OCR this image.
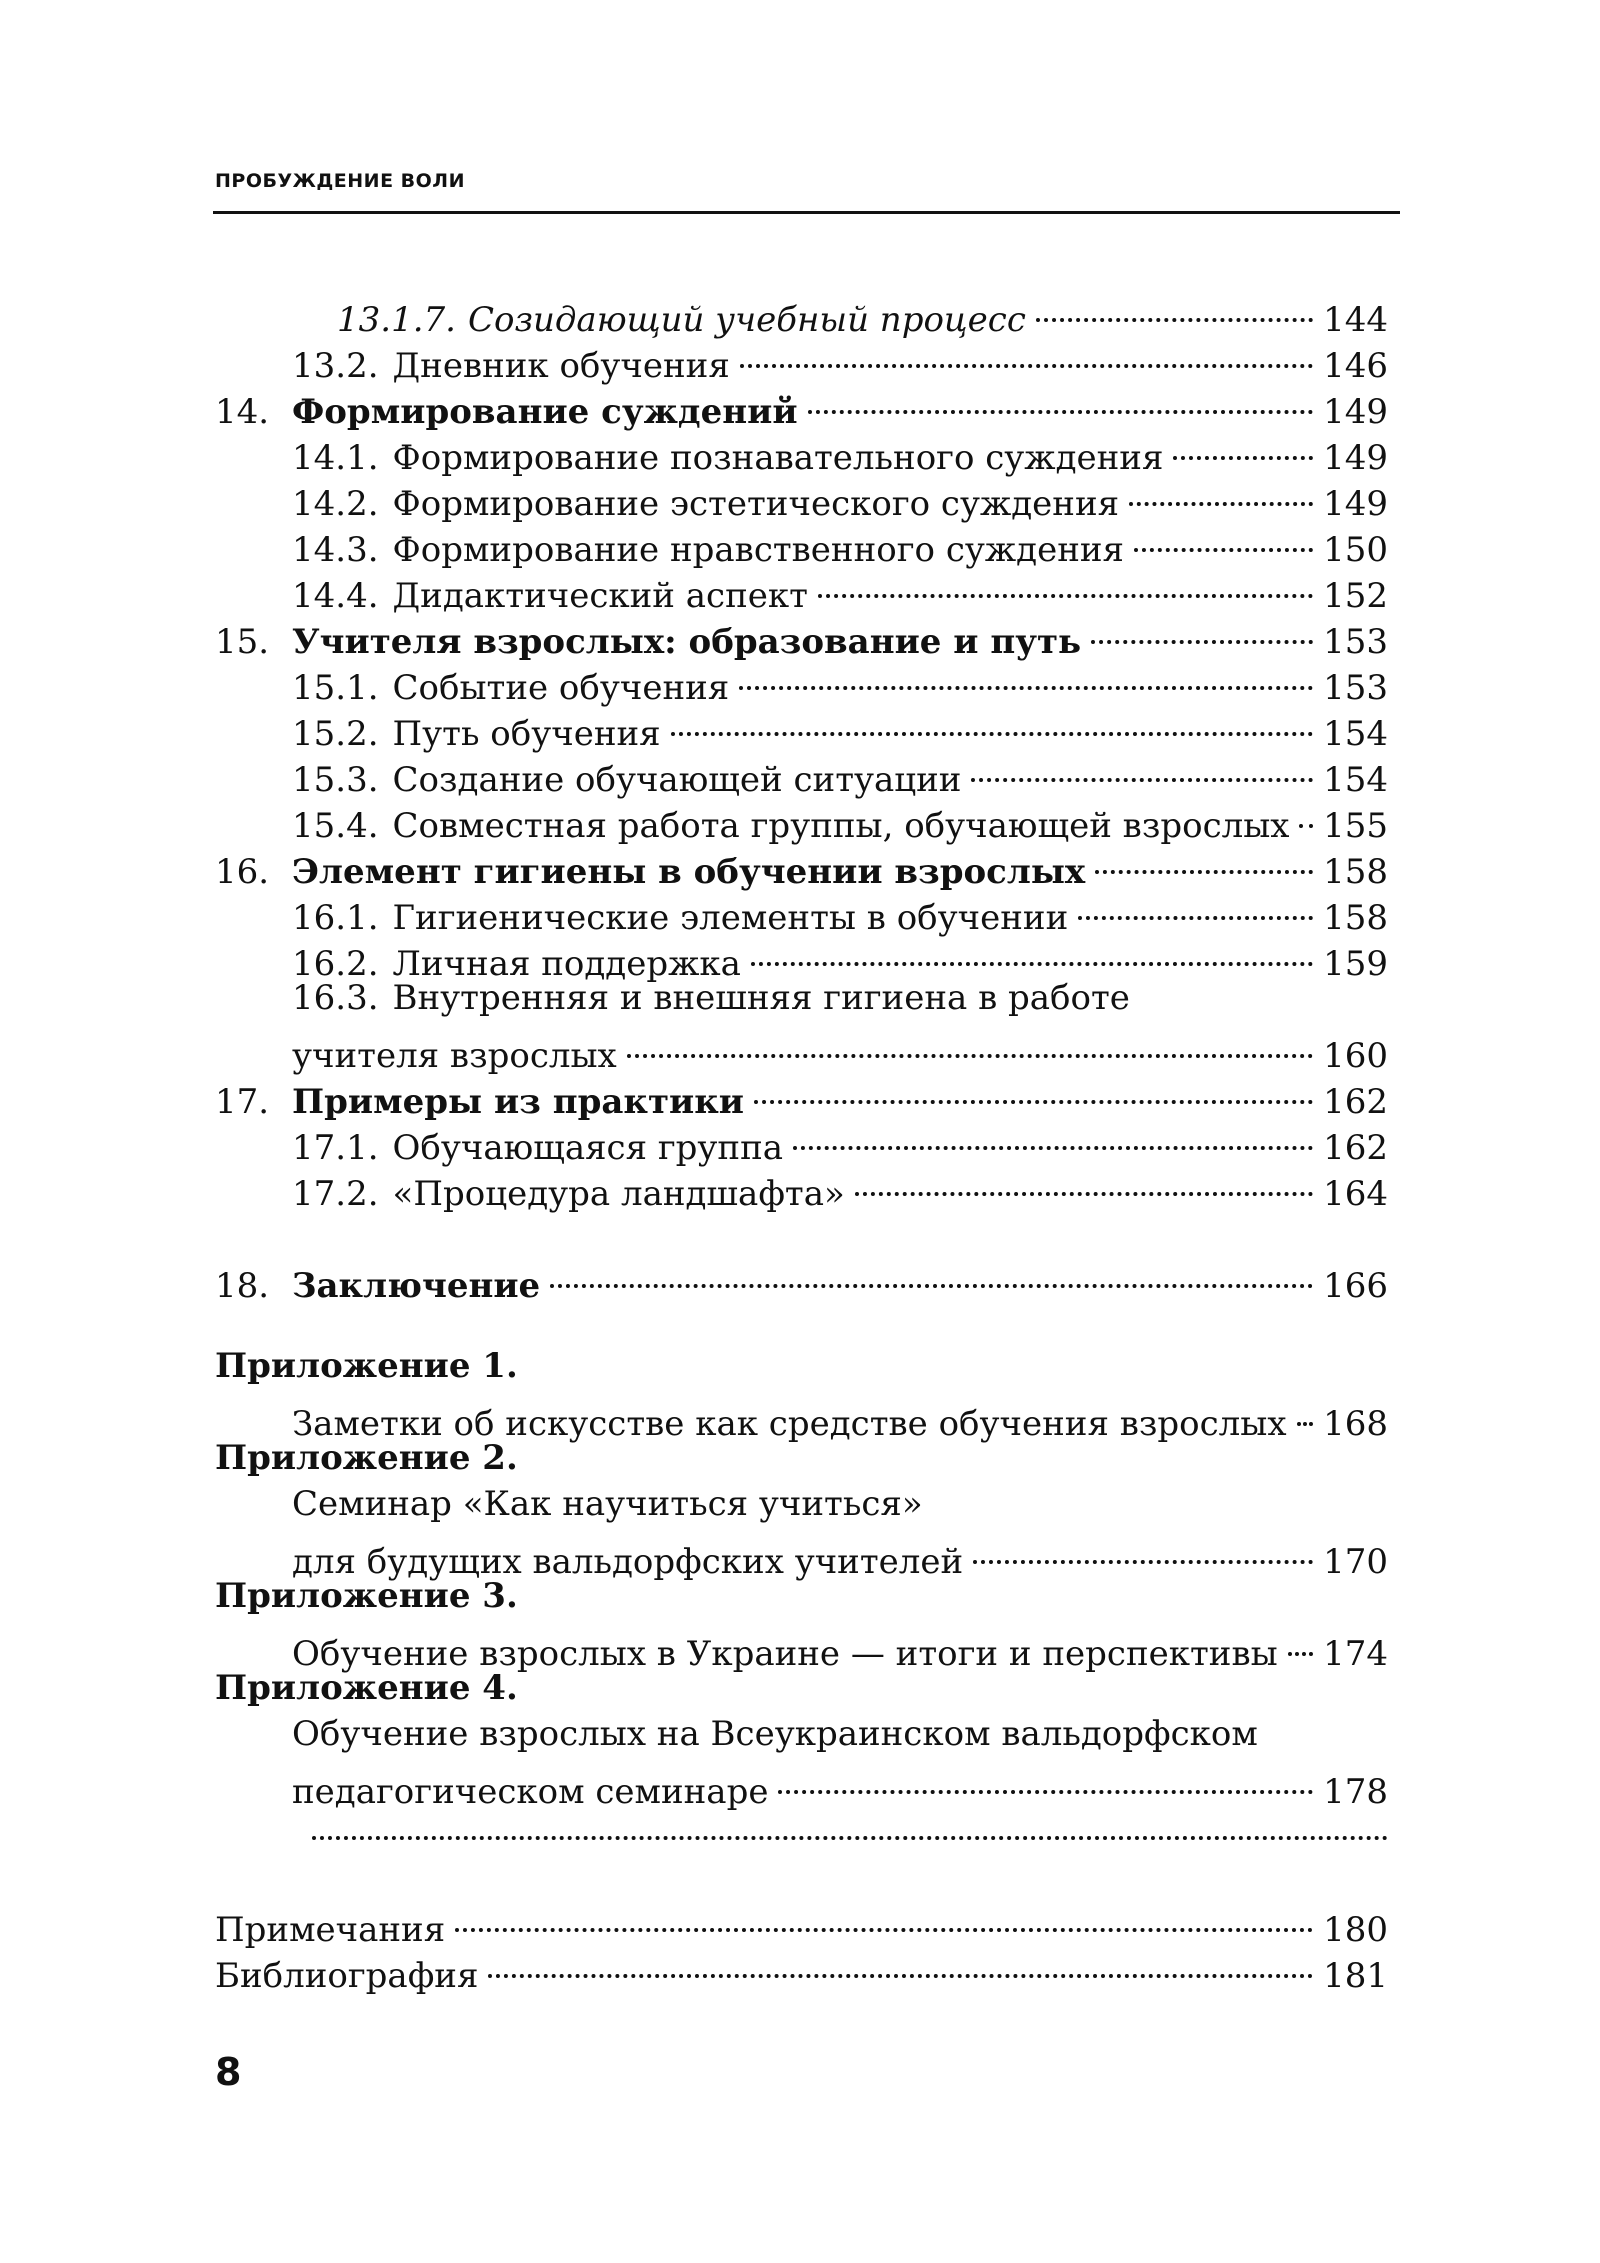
ПРОБУЖДЕНИЕ ВОЛИ
13.1.7. Созидающий учебный процесс	144
13.2. Дневник обучения	146
14. Формирование суждений	149
14.1. Формирование познавательного суждения	149
14.2. Формирование эстетического суждения	149
14.3. Формирование нравственного суждения	150
14.4. Дидактический аспект	152
15. Учителя взрослых: образование и путь	153
15.1. Событие обучения	153
15.2. Путь обучения	154
15.3. Создание обучающей ситуации	154
15.4. Совместная работа группы, обучающей взрослых 155
16. Элемент гигиены в обучении взрослых	158
16.1. Гигиенические элементы в обучении	158
16.2. Личная поддержка	159
16.3. Внутренняя и внешняя гигиена в работе
учителя взрослых	160
17. Примеры из практики	162
17.1. Обучающаяся группа	162
17.2. «Процедура ландшафта»	164
18. Заключение	166
Приложение 1.
Заметки об искусстве как средстве обучения взрослых 168
Приложение 2.
Семинар «Как научиться учиться»
для будущих вальдорфских учителей	170
Приложение 3.
Обучение взрослых в Украине — итоги и перспективы 174
Приложение 4.
Обучение взрослых на Всеукраинском вальдорфском
педагогическом семинаре	178
Примечания	180
Библиография	181
8
